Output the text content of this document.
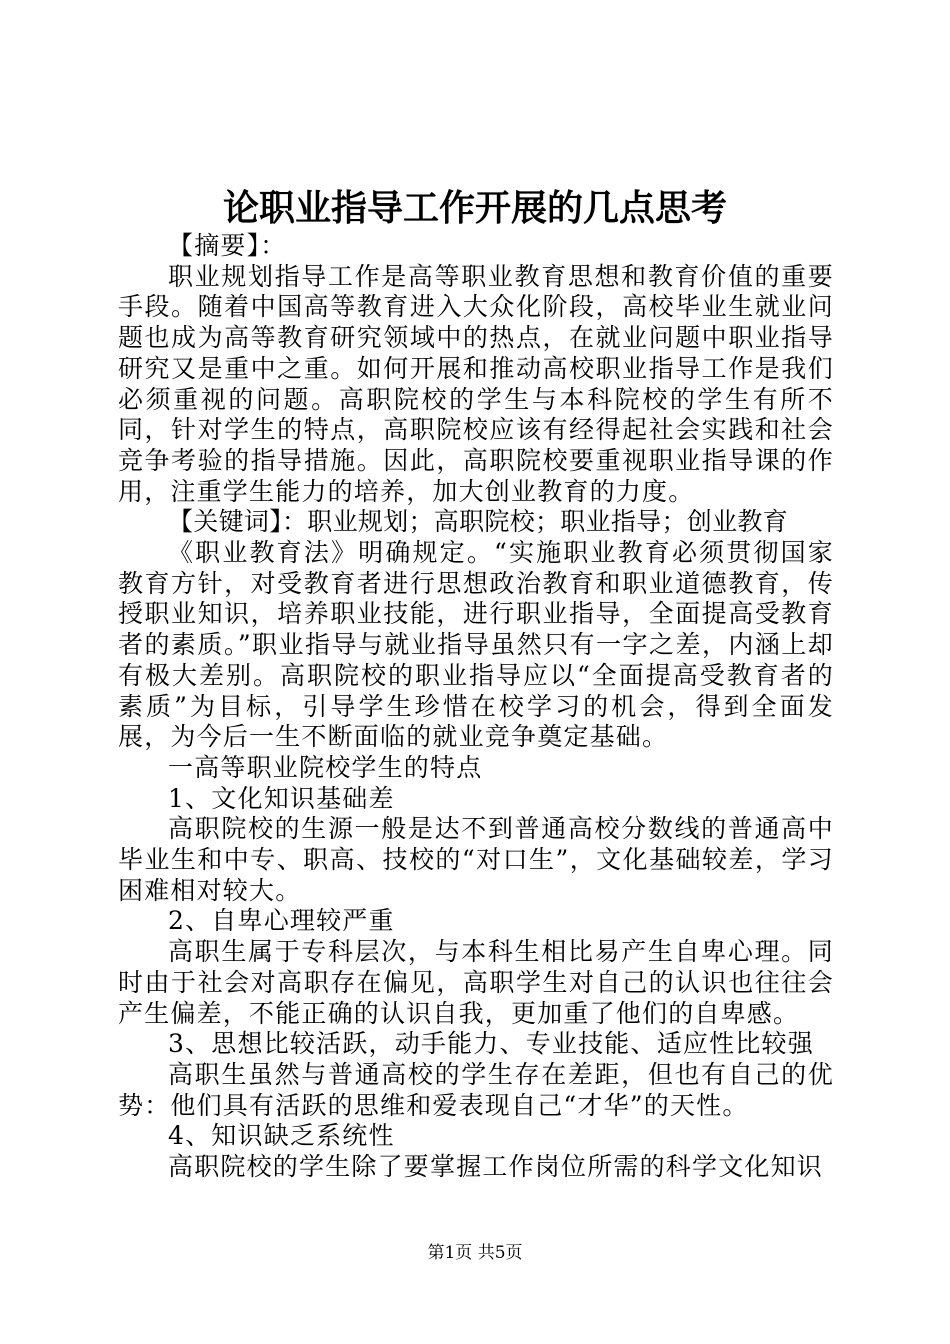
论职业指导工作开展的几点思考

【摘要】：

职业规划指导工作是高等职业教育思想和教育价值的重要手段。随着中国高等教育进入大众化阶段，高校毕业生就业问题也成为高等教育研究领域中的热点，在就业问题中职业指导研究又是重中之重。如何开展和推动高校职业指导工作是我们必须重视的问题。高职院校的学生与本科院校的学生有所不同，针对学生的特点，高职院校应该有经得起社会实践和社会竞争考验的指导措施。因此，高职院校要重视职业指导课的作用，注重学生能力的培养，加大创业教育的力度。

【关键词】：职业规划；高职院校；职业指导；创业教育

《职业教育法》明确规定。“实施职业教育必须贯彻国家教育方针，对受教育者进行思想政治教育和职业道德教育，传授职业知识，培养职业技能，进行职业指导，全面提高受教育者的素质。”职业指导与就业指导虽然只有一字之差，内涵上却有极大差别。高职院校的职业指导应以“全面提高受教育者的素质”为目标，引导学生珍惜在校学习的机会，得到全面发展，为今后一生不断面临的就业竞争奠定基础。

一高等职业院校学生的特点

1、文化知识基础差

高职院校的生源一般是达不到普通高校分数线的普通高中毕业生和中专、职高、技校的“对口生”，文化基础较差，学习困难相对较大。

2、自卑心理较严重

高职生属于专科层次，与本科生相比易产生自卑心理。同时由于社会对高职存在偏见，高职学生对自己的认识也往往会产生偏差，不能正确的认识自我，更加重了他们的自卑感。

3、思想比较活跃，动手能力、专业技能、适应性比较强

高职生虽然与普通高校的学生存在差距，但也有自己的优势：他们具有活跃的思维和爱表现自己“才华”的天性。

4、知识缺乏系统性

高职院校的学生除了要掌握工作岗位所需的科学文化知识

第1页 共5页
